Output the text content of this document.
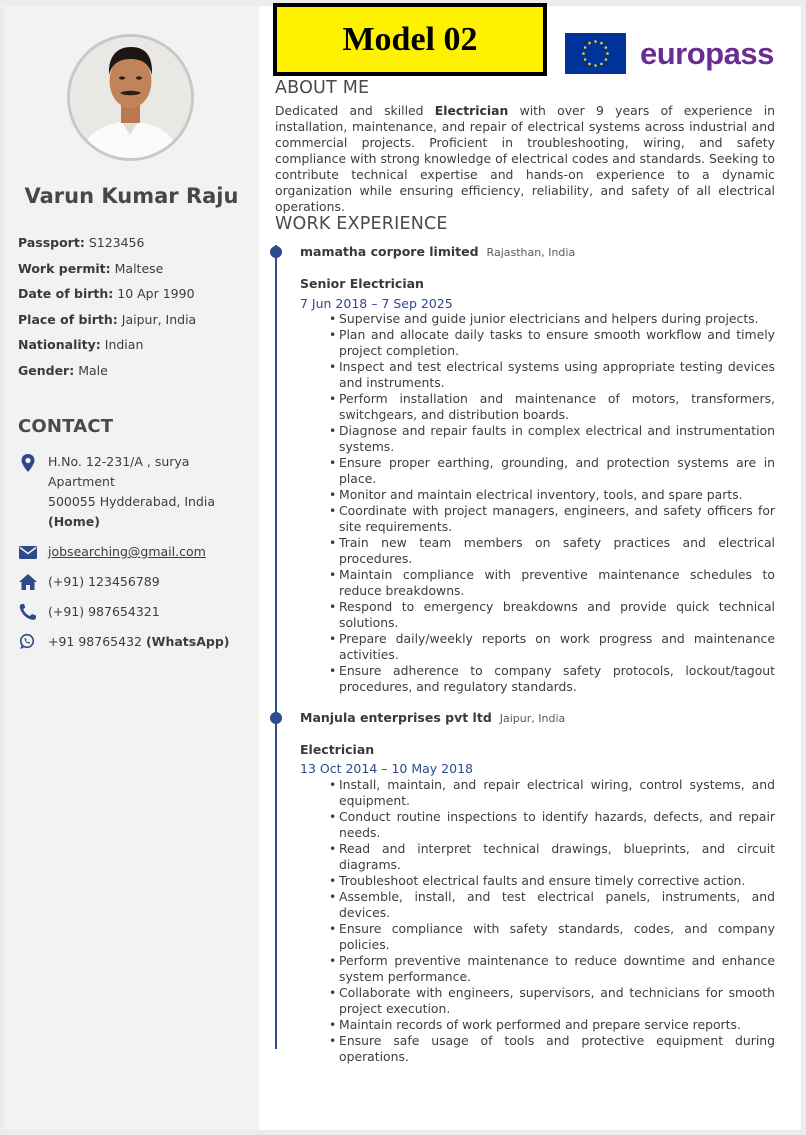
Varun Kumar Raju
Passport: S123456
Work permit: Maltese
Date of birth: 10 Apr 1990
Place of birth: Jaipur, India
Nationality: Indian
Gender: Male
CONTACT
H.No. 12-231/A , surya
Apartment
500055 Hydderabad, India
(Home)
jobsearching@gmail.com
(+91) 123456789
(+91) 987654321
+91 98765432 (WhatsApp)
Model 02	europass
ABOUT ME
Dedicated and skilled Electrician with over 9 years of experience in installation, maintenance, and repair of electrical systems across industrial and commercial projects. Proficient in troubleshooting, wiring, and safety compliance with strong knowledge of electrical codes and standards. Seeking to contribute technical expertise and hands-on experience to a dynamic organization while ensuring efficiency, reliability, and safety of all electrical operations.
WORK EXPERIENCE
mamatha corpore limited Rajasthan, India
Senior Electrician
7 Jun 2018 – 7 Sep 2025
• Supervise and guide junior electricians and helpers during projects.
• Plan and allocate daily tasks to ensure smooth workflow and timely project completion.
• Inspect and test electrical systems using appropriate testing devices and instruments.
• Perform installation and maintenance of motors, transformers, switchgears, and distribution boards.
• Diagnose and repair faults in complex electrical and instrumentation systems.
• Ensure proper earthing, grounding, and protection systems are in place.
• Monitor and maintain electrical inventory, tools, and spare parts.
• Coordinate with project managers, engineers, and safety officers for site requirements.
• Train new team members on safety practices and electrical procedures.
• Maintain compliance with preventive maintenance schedules to reduce breakdowns.
• Respond to emergency breakdowns and provide quick technical solutions.
• Prepare daily/weekly reports on work progress and maintenance activities.
• Ensure adherence to company safety protocols, lockout/tagout procedures, and regulatory standards.
Manjula enterprises pvt ltd Jaipur, India
Electrician
13 Oct 2014 – 10 May 2018
• Install, maintain, and repair electrical wiring, control systems, and equipment.
• Conduct routine inspections to identify hazards, defects, and repair needs.
• Read and interpret technical drawings, blueprints, and circuit diagrams.
• Troubleshoot electrical faults and ensure timely corrective action.
• Assemble, install, and test electrical panels, instruments, and devices.
• Ensure compliance with safety standards, codes, and company policies.
• Perform preventive maintenance to reduce downtime and enhance system performance.
• Collaborate with engineers, supervisors, and technicians for smooth project execution.
• Maintain records of work performed and prepare service reports.
• Ensure safe usage of tools and protective equipment during operations.
